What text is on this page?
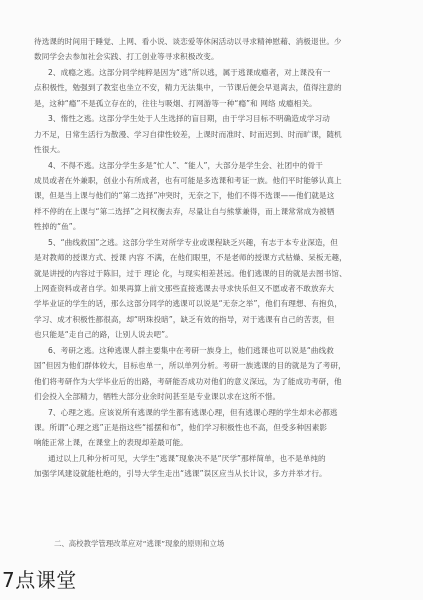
待选课的时间用于睡觉、上网、看小说、谈恋爱等休闲活动以寻求精神慰藉、消极退世。少
数同学会去参加社会实践、打工创业等寻求积极改变。
2、成瘾之逃。这部分同学纯粹是因为“逃”所以逃，属于逃课成瘾者，对上课没有一
点积极性，勉强到了教室也坐立不安，精力无法集中，一节课后便会早退离去，值得注意的
是，这种“瘾”不是孤立存在的，往往与吸烟、打网游等一种“瘾”和 网络 成瘾相关。
3、惰性之逃。这部分学生处于人生选择的盲目期，由于学习目标不明确造成学习动
力不足，日常生活行为散漫、学习自律性较差，上课时而准时、时而迟到、时而旷课，随机
性很大。
4、不得不逃。这部分学生多是“忙人”、“能人”，大部分是学生会、社团中的骨干
成员或者在外兼职，创业小有所成者，也有可能是多选课和考证一族。他们平时能够认真上
课，但是当上课与他们的“第二选择”冲突时，无奈之下，他们不得不选课——他们就是这
样不停的在上课与“第二选择”之间权衡去弃，尽量让自与熊掌兼得，而上课常常成为被牺
牲掉的“鱼”。
5、“曲线救国”之逃。这部分学生对所学专业或课程缺乏兴趣，有志于本专业深造，但
是对教师的授课方式、授课 内容 不满，在他们眼里，不是老师的授课方式枯燥、呆板无趣，
就是讲授的内容过于陈旧，过于 理论 化，与现实相差甚远。他们逃课的目的就是去图书馆、
上网查资料或者自学。如果再算上前文那些直接逃课去寻求快乐但又不愿或者不敢放弃大
学毕业证的学生的话，那么这部分同学的逃课可以说是“无奈之举”，他们有理想、有抱负，
学习、成才积极性都很高，却“明珠投暗”，缺乏有效的指导，对于逃课有自己的苦衷，但
也只能是“走自己的路，让别人说去吧”。
6、考研之逃。这种逃课人群主要集中在考研一族身上，他们逃课也可以说是“曲线救
国”但因为他们群体较大，目标也单一，所以单列分析。考研一族逃课的目的就是为了考研，
他们将考研作为大学毕业后的出路，考研能否成功对他们的意义深远，为了能成功考研，他
们会投入全部精力，牺牲大部分业余时间甚至是专业课以求在这所不惜。
7、心理之逃。应该说所有逃课的学生都有逃课心理，但有逃课心理的学生却未必都逃
课。所谓“心理之逃”正是指这些“摇摆和布”，他们学习积极性也不高，但受多种因素影
响能正常上课，在课堂上的表现却差最可能。
通过以上几种分析可见，大学生“逃课”现象决不是“厌学”那样简单，也不是单纯的
加强学风建设就能杜绝的，引导大学生走出“逃课”误区应当从长计议，多方并举才行。
二、高校教学管理改革应对“逃课”现象的原则和立场
7点课堂
